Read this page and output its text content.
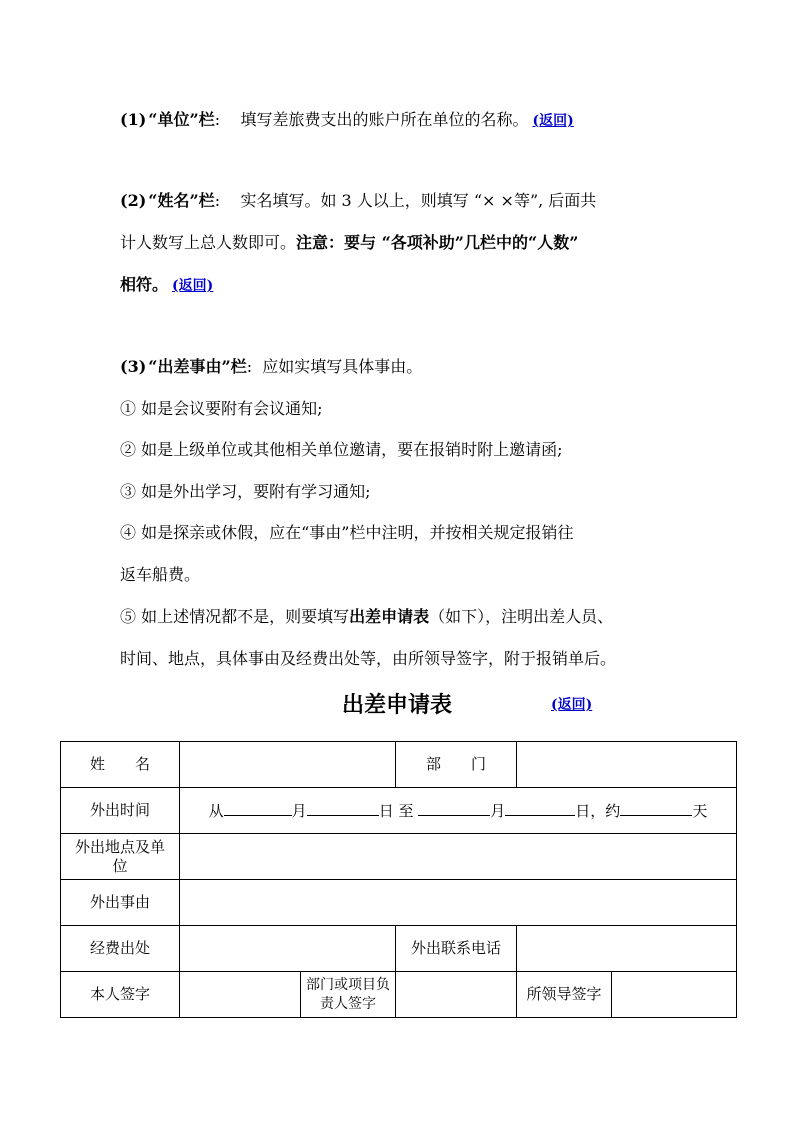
(1) “单位”栏: 填写差旅费支出的账户所在单位的名称。 (返回)
(2) “姓名”栏: 实名填写。如 3 人以上，则填写 “× ×等”, 后面共
计人数写上总人数即可。注意：要与 “各项补助”几栏中的“人数”
相符。 (返回)
(3) “出差事由”栏: 应如实填写具体事由。
① 如是会议要附有会议通知;
② 如是上级单位或其他相关单位邀请，要在报销时附上邀请函;
③ 如是外出学习，要附有学习通知;
④ 如是探亲或休假，应在“事由”栏中注明，并按相关规定报销往
返车船费。
⑤ 如上述情况都不是，则要填写出差申请表（如下），注明出差人员、
时间、地点，具体事由及经费出处等，由所领导签字，附于报销单后。
出差申请表	(返回)
姓　　名			部　　门		
外出时间	从 月 日 至 月 日，约 天				
外出地点及单位					
外出事由					
经费出处			外出联系电话		
本人签字		部门或项目负责人签字		所领导签字	
